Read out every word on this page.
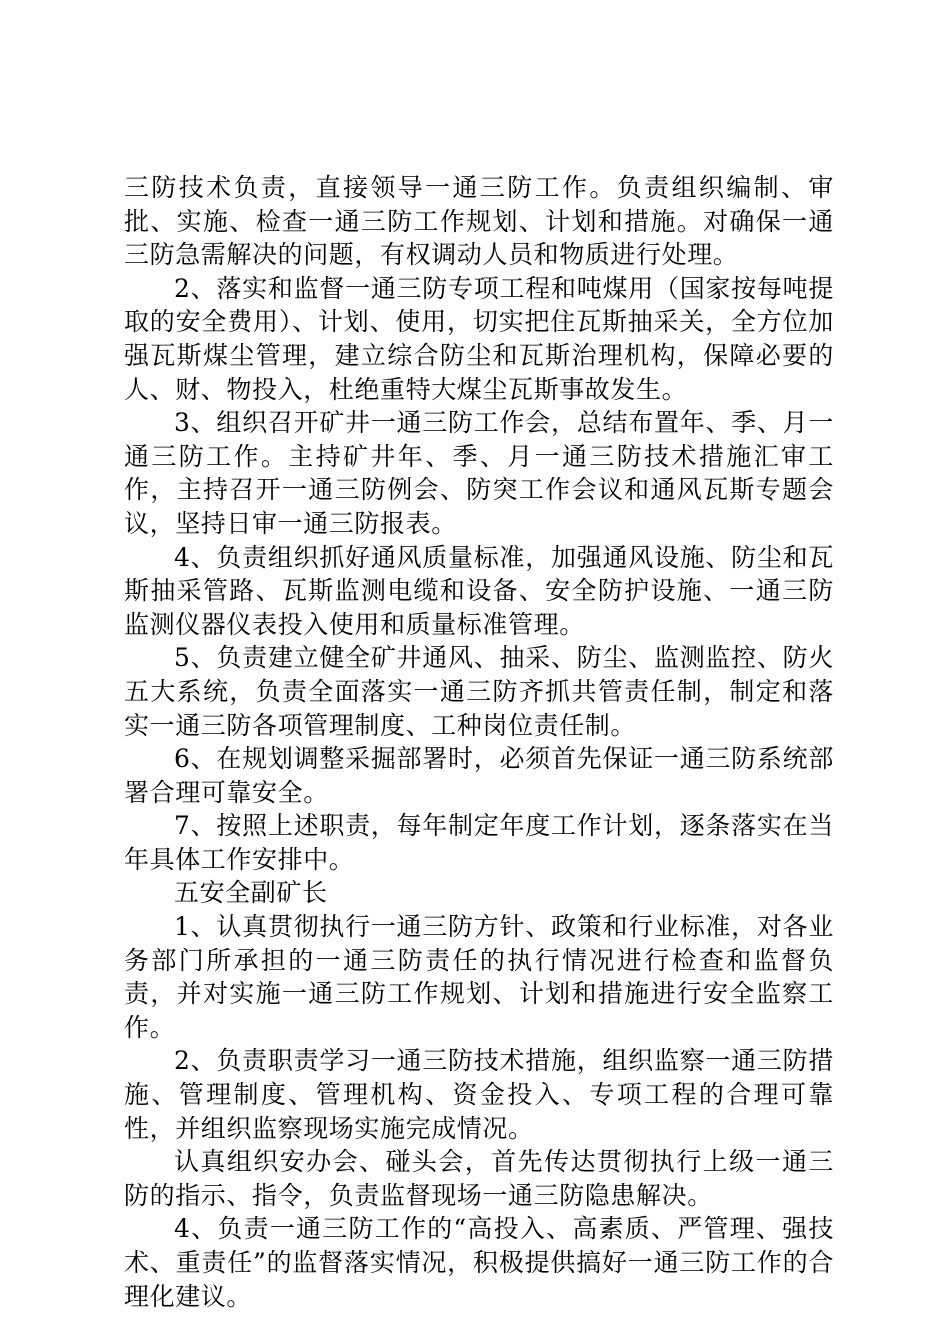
三防技术负责，直接领导一通三防工作。负责组织编制、审批、实施、检查一通三防工作规划、计划和措施。对确保一通三防急需解决的问题，有权调动人员和物质进行处理。

2、落实和监督一通三防专项工程和吨煤用（国家按每吨提取的安全费用）、计划、使用，切实把住瓦斯抽采关，全方位加强瓦斯煤尘管理，建立综合防尘和瓦斯治理机构，保障必要的人、财、物投入，杜绝重特大煤尘瓦斯事故发生。

3、组织召开矿井一通三防工作会，总结布置年、季、月一通三防工作。主持矿井年、季、月一通三防技术措施汇审工作，主持召开一通三防例会、防突工作会议和通风瓦斯专题会议，坚持日审一通三防报表。

4、负责组织抓好通风质量标准，加强通风设施、防尘和瓦斯抽采管路、瓦斯监测电缆和设备、安全防护设施、一通三防监测仪器仪表投入使用和质量标准管理。

5、负责建立健全矿井通风、抽采、防尘、监测监控、防火五大系统，负责全面落实一通三防齐抓共管责任制，制定和落实一通三防各项管理制度、工种岗位责任制。

6、在规划调整采掘部署时，必须首先保证一通三防系统部署合理可靠安全。

7、按照上述职责，每年制定年度工作计划，逐条落实在当年具体工作安排中。

五安全副矿长

1、认真贯彻执行一通三防方针、政策和行业标准，对各业务部门所承担的一通三防责任的执行情况进行检查和监督负责，并对实施一通三防工作规划、计划和措施进行安全监察工作。

2、负责职责学习一通三防技术措施，组织监察一通三防措施、管理制度、管理机构、资金投入、专项工程的合理可靠性，并组织监察现场实施完成情况。

认真组织安办会、碰头会，首先传达贯彻执行上级一通三防的指示、指令，负责监督现场一通三防隐患解决。

4、负责一通三防工作的“高投入、高素质、严管理、强技术、重责任”的监督落实情况，积极提供搞好一通三防工作的合理化建议。
